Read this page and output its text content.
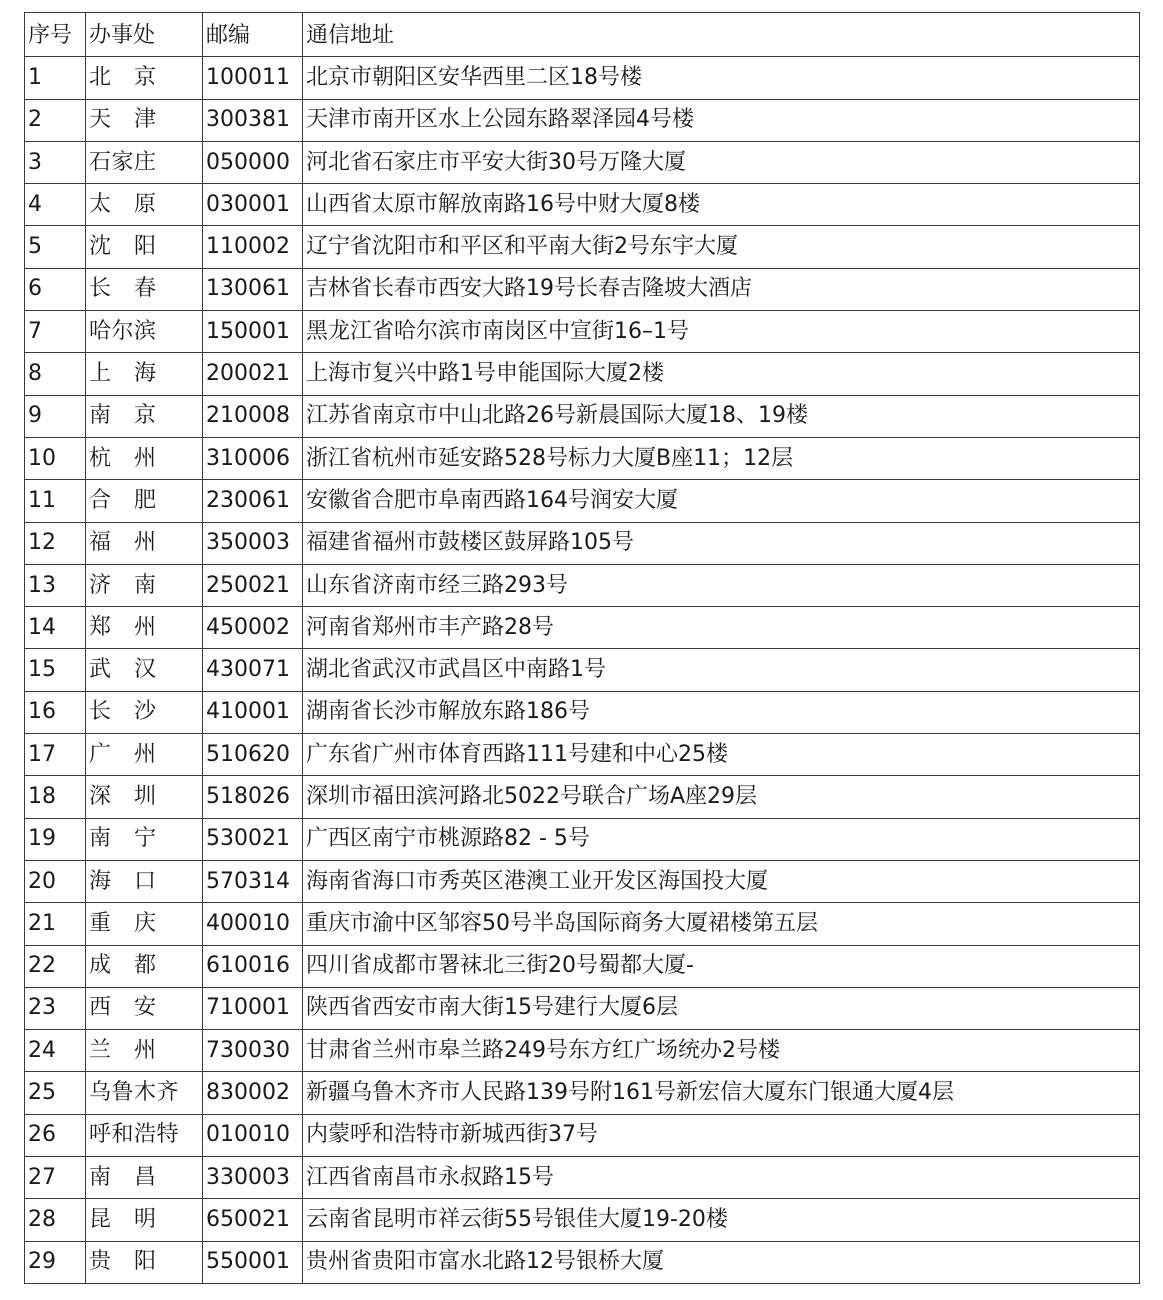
序号	办事处	邮编	通信地址
1	北　京	100011	北京市朝阳区安华西里二区18号楼
2	天　津	300381	天津市南开区水上公园东路翠泽园4号楼
3	石家庄	050000	河北省石家庄市平安大街30号万隆大厦
4	太　原	030001	山西省太原市解放南路16号中财大厦8楼
5	沈　阳	110002	辽宁省沈阳市和平区和平南大街2号东宇大厦
6	长　春	130061	吉林省长春市西安大路19号长春吉隆坡大酒店
7	哈尔滨	150001	黑龙江省哈尔滨市南岗区中宣街16–1号
8	上　海	200021	上海市复兴中路1号申能国际大厦2楼
9	南　京	210008	江苏省南京市中山北路26号新晨国际大厦18、19楼
10	杭　州	310006	浙江省杭州市延安路528号标力大厦B座11；12层
11	合　肥	230061	安徽省合肥市阜南西路164号润安大厦
12	福　州	350003	福建省福州市鼓楼区鼓屏路105号
13	济　南	250021	山东省济南市经三路293号
14	郑　州	450002	河南省郑州市丰产路28号
15	武　汉	430071	湖北省武汉市武昌区中南路1号
16	长　沙	410001	湖南省长沙市解放东路186号
17	广　州	510620	广东省广州市体育西路111号建和中心25楼
18	深　圳	518026	深圳市福田滨河路北5022号联合广场A座29层
19	南　宁	530021	广西区南宁市桃源路82 - 5号
20	海　口	570314	海南省海口市秀英区港澳工业开发区海国投大厦
21	重　庆	400010	重庆市渝中区邹容50号半岛国际商务大厦裙楼第五层
22	成　都	610016	四川省成都市署袜北三街20号蜀都大厦-
23	西　安	710001	陕西省西安市南大街15号建行大厦6层
24	兰　州	730030	甘肃省兰州市皋兰路249号东方红广场统办2号楼
25	乌鲁木齐	830002	新疆乌鲁木齐市人民路139号附161号新宏信大厦东门银通大厦4层
26	呼和浩特	010010	内蒙呼和浩特市新城西街37号
27	南　昌	330003	江西省南昌市永叔路15号
28	昆　明	650021	云南省昆明市祥云街55号银佳大厦19-20楼
29	贵　阳	550001	贵州省贵阳市富水北路12号银桥大厦
